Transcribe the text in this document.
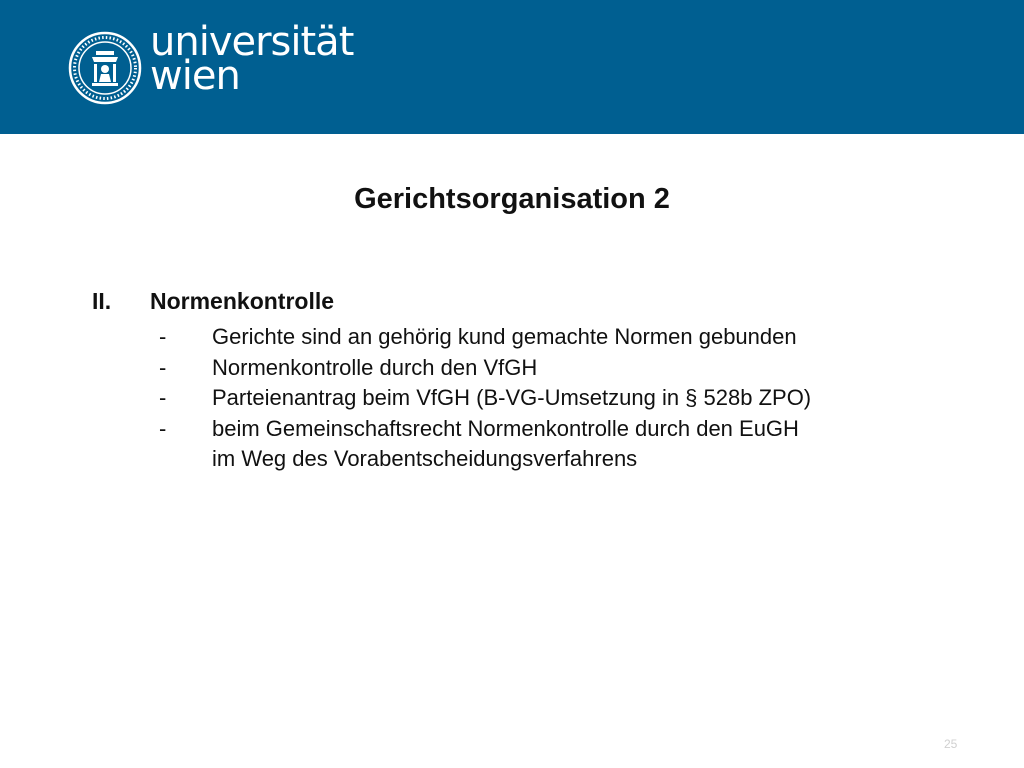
universität
wien
Gerichtsorganisation 2
II. Normenkontrolle
- Gerichte sind an gehörig kund gemachte Normen gebunden
- Normenkontrolle durch den VfGH
- Parteienantrag beim VfGH (B-VG-Umsetzung in § 528b ZPO)
- beim Gemeinschaftsrecht Normenkontrolle durch den EuGH
im Weg des Vorabentscheidungsverfahrens
25
